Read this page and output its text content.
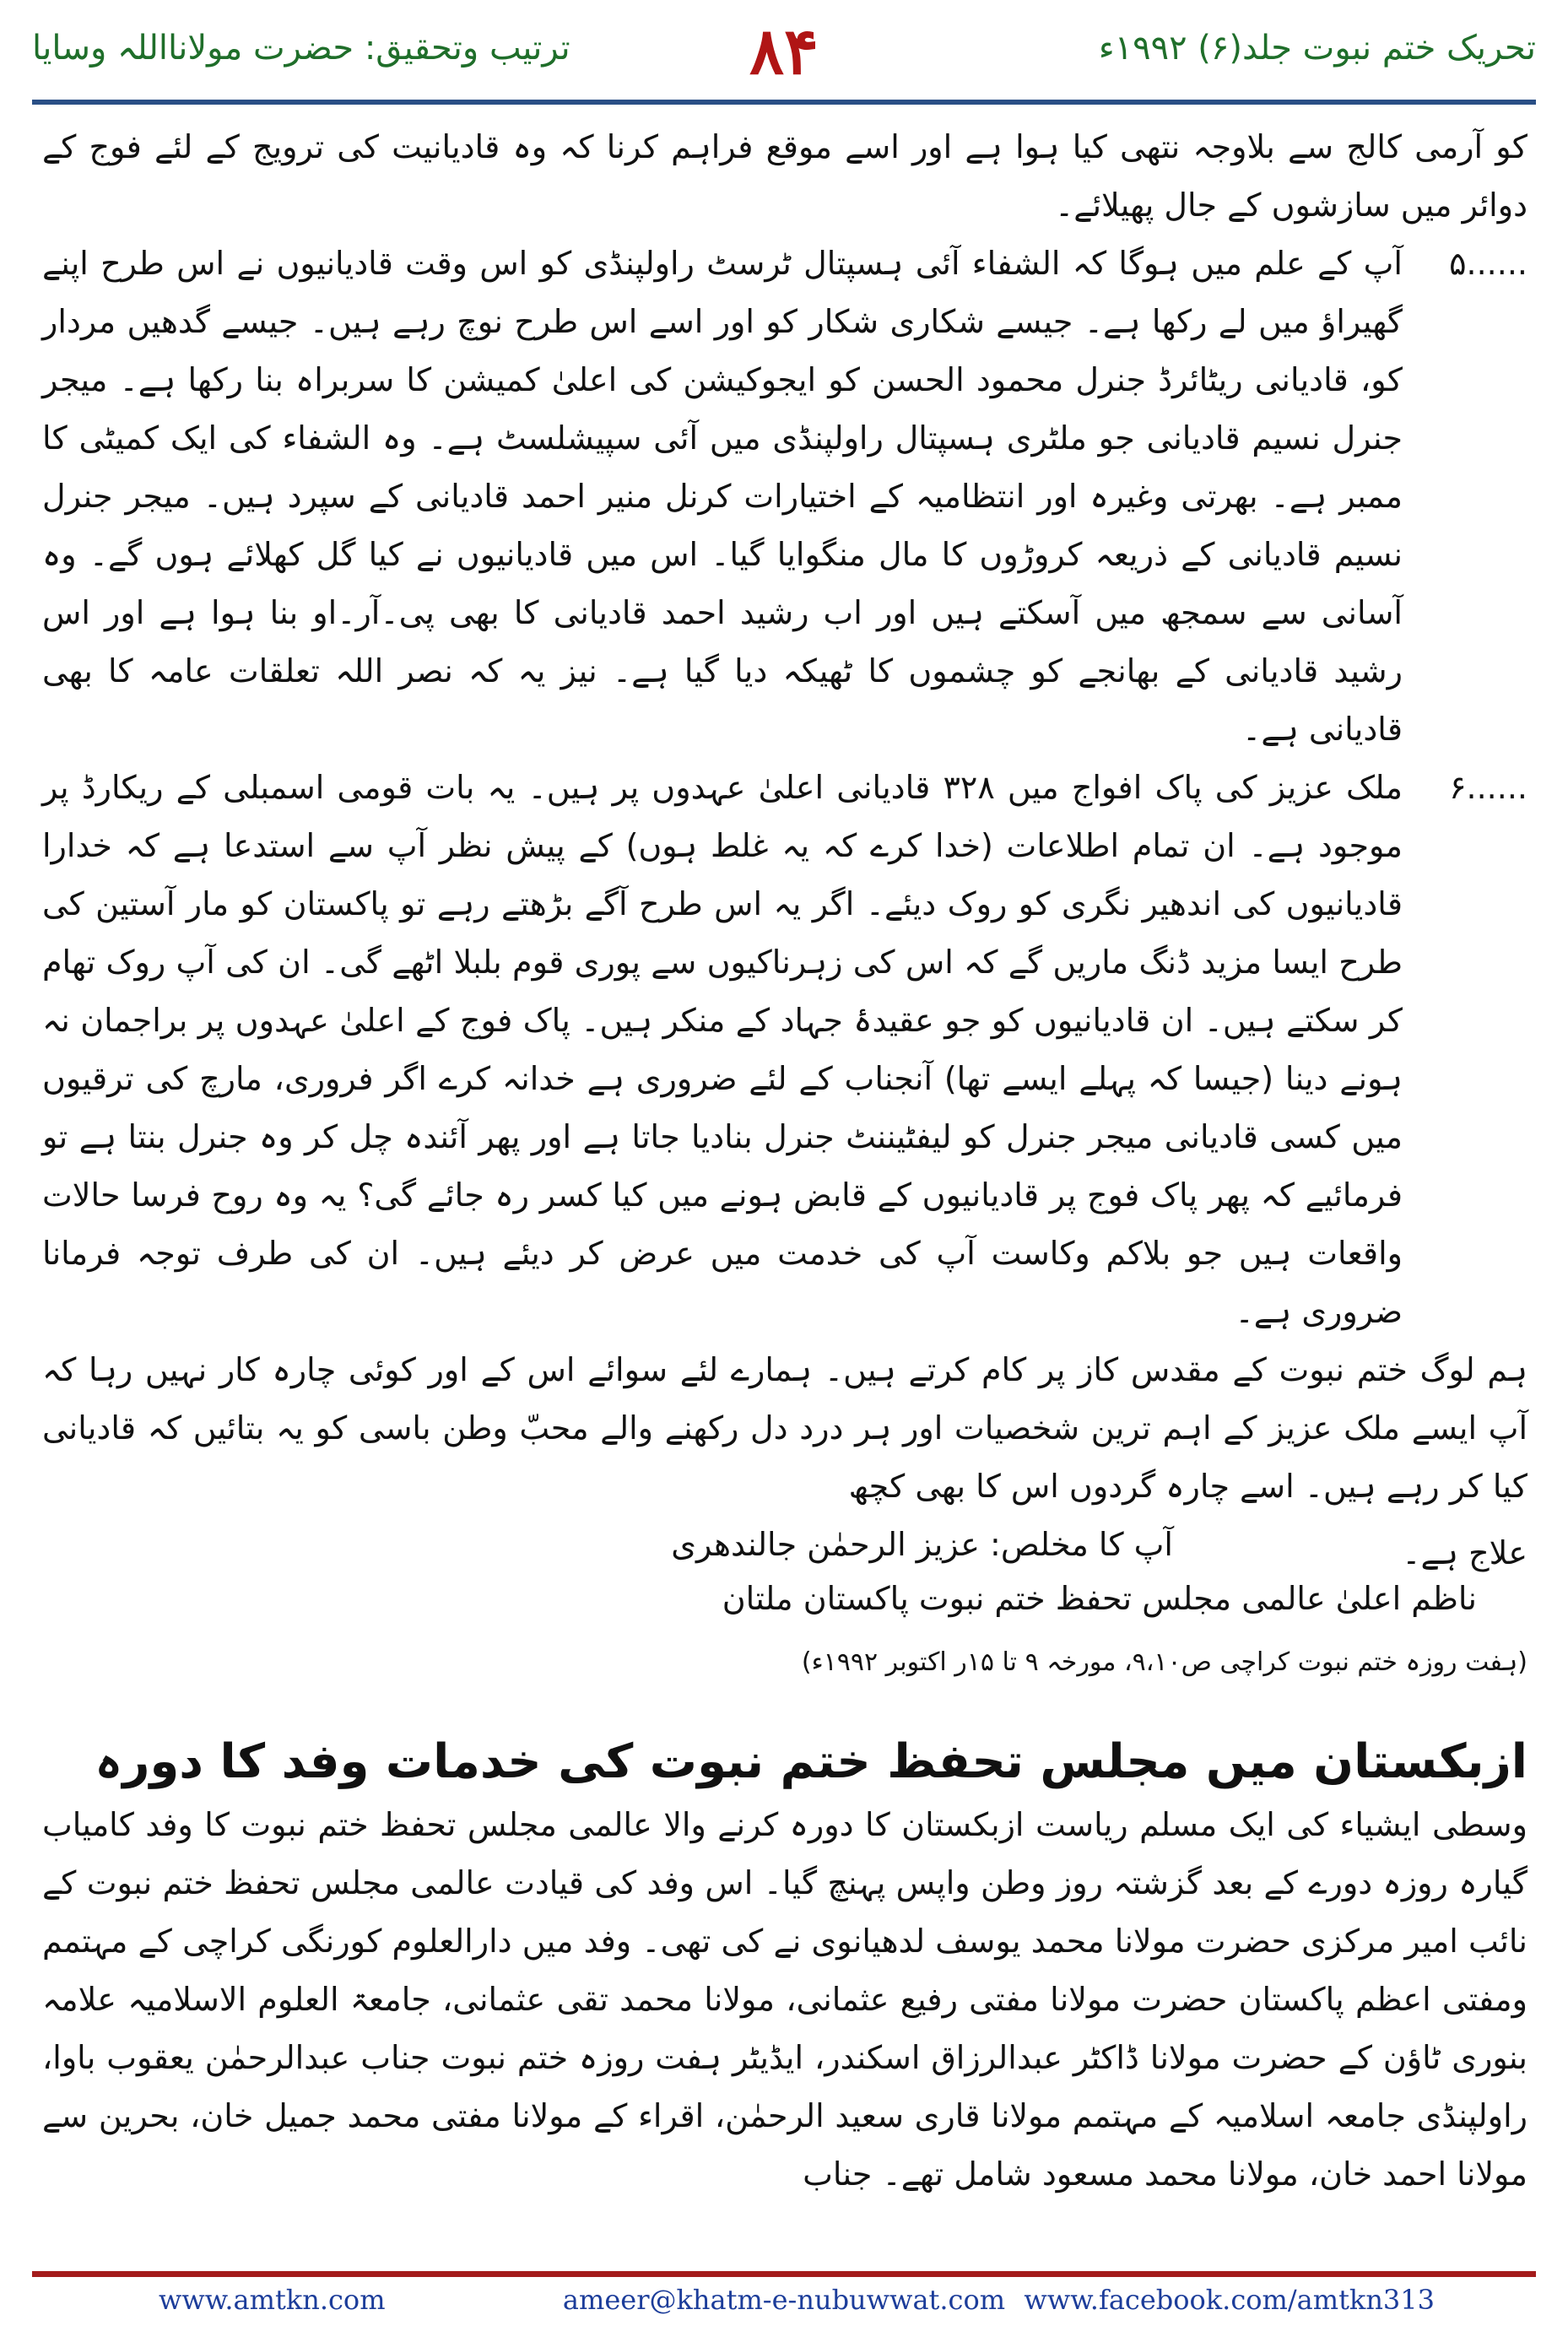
تحریک ختم نبوت جلد(۶) ۱۹۹۲ء
۸۴
ترتیب وتحقیق: حضرت مولانااللہ وسایا

کو آرمی کالج سے بلاوجہ نتھی کیا ہوا ہے اور اسے موقع فراہم کرنا کہ وہ قادیانیت کی ترویج کے لئے فوج کے دوائر میں سازشوں کے جال پھیلائے۔

۵......

آپ کے علم میں ہوگا کہ الشفاء آئی ہسپتال ٹرسٹ راولپنڈی کو اس وقت قادیانیوں نے اس طرح اپنے گھیراؤ میں لے رکھا ہے۔ جیسے شکاری شکار کو اور اسے اس طرح نوچ رہے ہیں۔ جیسے گدھیں مردار کو، قادیانی ریٹائرڈ جنرل محمود الحسن کو ایجوکیشن کی اعلیٰ کمیشن کا سربراہ بنا رکھا ہے۔ میجر جنرل نسیم قادیانی جو ملٹری ہسپتال راولپنڈی میں آئی سپیشلسٹ ہے۔ وہ الشفاء کی ایک کمیٹی کا ممبر ہے۔ بھرتی وغیرہ اور انتظامیہ کے اختیارات کرنل منیر احمد قادیانی کے سپرد ہیں۔ میجر جنرل نسیم قادیانی کے ذریعہ کروڑوں کا مال منگوایا گیا۔ اس میں قادیانیوں نے کیا گل کھلائے ہوں گے۔ وہ آسانی سے سمجھ میں آسکتے ہیں اور اب رشید احمد قادیانی کا بھی پی۔آر۔او بنا ہوا ہے اور اس رشید قادیانی کے بھانجے کو چشموں کا ٹھیکہ دیا گیا ہے۔ نیز یہ کہ نصر اللہ تعلقات عامہ کا بھی قادیانی ہے۔

۶......

ملک عزیز کی پاک افواج میں ۳۲۸ قادیانی اعلیٰ عہدوں پر ہیں۔ یہ بات قومی اسمبلی کے ریکارڈ پر موجود ہے۔ ان تمام اطلاعات (خدا کرے کہ یہ غلط ہوں) کے پیش نظر آپ سے استدعا ہے کہ خدارا قادیانیوں کی اندھیر نگری کو روک دیئے۔ اگر یہ اس طرح آگے بڑھتے رہے تو پاکستان کو مار آستین کی طرح ایسا مزید ڈنگ ماریں گے کہ اس کی زہرناکیوں سے پوری قوم بلبلا اٹھے گی۔ ان کی آپ روک تھام کر سکتے ہیں۔ ان قادیانیوں کو جو عقیدۂ جہاد کے منکر ہیں۔ پاک فوج کے اعلیٰ عہدوں پر براجمان نہ ہونے دینا (جیسا کہ پہلے ایسے تھا) آنجناب کے لئے ضروری ہے خدانہ کرے اگر فروری، مارچ کی ترقیوں میں کسی قادیانی میجر جنرل کو لیفٹیننٹ جنرل بنادیا جاتا ہے اور پھر آئندہ چل کر وہ جنرل بنتا ہے تو فرمائیے کہ پھر پاک فوج پر قادیانیوں کے قابض ہونے میں کیا کسر رہ جائے گی؟ یہ وہ روح فرسا حالات واقعات ہیں جو بلاکم وکاست آپ کی خدمت میں عرض کر دیئے ہیں۔ ان کی طرف توجہ فرمانا ضروری ہے۔

ہم لوگ ختم نبوت کے مقدس کاز پر کام کرتے ہیں۔ ہمارے لئے سوائے اس کے اور کوئی چارہ کار نہیں رہا کہ آپ ایسے ملک عزیز کے اہم ترین شخصیات اور ہر درد دل رکھنے والے محبّ وطن باسی کو یہ بتائیں کہ قادیانی کیا کر رہے ہیں۔ اسے چارہ گردوں اس کا بھی کچھ

علاج ہے۔
آپ کا مخلص: عزیز الرحمٰن جالندھری

ناظم اعلیٰ عالمی مجلس تحفظ ختم نبوت پاکستان ملتان

(ہفت روزہ ختم نبوت کراچی ص۹،۱۰، مورخہ ۹ تا ۱۵ر اکتوبر ۱۹۹۲ء)

ازبکستان میں مجلس تحفظ ختم نبوت کی خدمات وفد کا دورہ

وسطی ایشیاء کی ایک مسلم ریاست ازبکستان کا دورہ کرنے والا عالمی مجلس تحفظ ختم نبوت کا وفد کامیاب گیارہ روزہ دورے کے بعد گزشتہ روز وطن واپس پہنچ گیا۔ اس وفد کی قیادت عالمی مجلس تحفظ ختم نبوت کے نائب امیر مرکزی حضرت مولانا محمد یوسف لدھیانوی نے کی تھی۔ وفد میں دارالعلوم کورنگی کراچی کے مہتمم ومفتی اعظم پاکستان حضرت مولانا مفتی رفیع عثمانی، مولانا محمد تقی عثمانی، جامعۃ العلوم الاسلامیہ علامہ بنوری ٹاؤن کے حضرت مولانا ڈاکٹر عبدالرزاق اسکندر، ایڈیٹر ہفت روزہ ختم نبوت جناب عبدالرحمٰن یعقوب باوا، راولپنڈی جامعہ اسلامیہ کے مہتمم مولانا قاری سعید الرحمٰن، اقراء کے مولانا مفتی محمد جمیل خان، بحرین سے مولانا احمد خان، مولانا محمد مسعود شامل تھے۔ جناب

www.amtkn.com	ameer@khatm-e-nubuwwat.com www.facebook.com/amtkn313
